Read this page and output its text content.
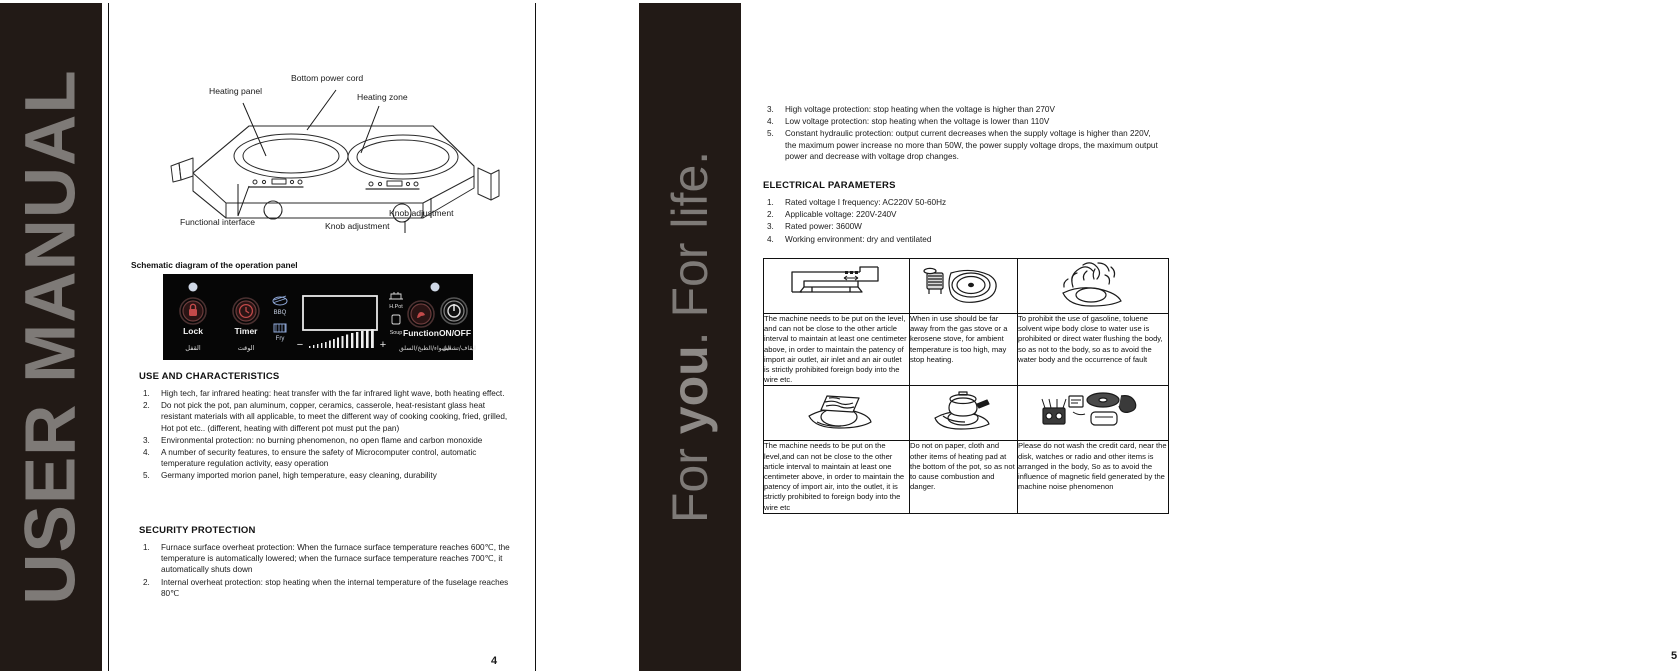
USER MANUAL	Heating panel
Bottom power cord
Heating zone
Functional interface	Knob adjustment
Knob adjustment
Schematic diagram of the operation panel
BBQ
Fry
H.Pot
Soup
−	+
Lock	Timer	Function ON/OFF
القفل	الوقت	الشواء/الطبخ/السلق
ايقاف/تشغيل
USE AND CHARACTERISTICS
1.	High tech, far infrared heating: heat transfer with the far infrared light wave, both heating effect.
2.	Do not pick the pot, pan aluminum, copper, ceramics, casserole, heat-resistant glass heat resistant materials with all applicable, to meet the different way of cooking cooking, fried, grilled, Hot pot etc.. (different, heating with different pot must put the pan)
3.	Environmental protection: no burning phenomenon, no open flame and carbon monoxide
4.	A number of security features, to ensure the safety of Microcomputer control, automatic temperature regulation activity, easy operation
5.	Germany imported morion panel, high temperature, easy cleaning, durability
SECURITY PROTECTION
1.	Furnace surface overheat protection: When the furnace surface temperature reaches 600℃, the temperature is automatically lowered; when the furnace surface temperature reaches 700℃, it automatically shuts down
2.	Internal overheat protection: stop heating when the internal temperature of the fuselage reaches 80℃
4
For you. For life.
3.	High voltage protection: stop heating when the voltage is higher than 270V
4.	Low voltage protection: stop heating when the voltage is lower than 110V
5.	Constant hydraulic protection: output current decreases when the supply voltage is higher than 220V, the maximum power increase no more than 50W, the power supply voltage drops, the maximum output power and decrease with voltage drop changes.
ELECTRICAL PARAMETERS
1.	Rated voltage I frequency: AC220V 50-60Hz
2.	Applicable voltage: 220V-240V
3.	Rated power: 3600W
4.	Working environment: dry and ventilated

The machine needs to be put on the level, and can not be close to the other article interval to maintain at least one centimeter above, in order to maintain the patency of import air outlet, air inlet and an air outlet is strictly prohibited foreign body into the wire etc.	When in use should be far away from the gas stove or a kerosene stove, for ambient temperature is too high, may stop heating.	To prohibit the use of gasoline, toluene solvent wipe body close to water use is prohibited or direct water flushing the body, so as not to the body, so as to avoid the water body and the occurrence of fault

The machine needs to be put on the level,and can not be close to the other article interval to maintain at least one centimeter above, in order to maintain the patency of import air, into the outlet, it is strictly prohibited to foreign body into the wire etc	Do not on paper, cloth and other items of heating pad at the bottom of the pot, so as not to cause combustion and danger.	Please do not wash the credit card, near the disk, watches or radio and other items is arranged in the body, So as to avoid the influence of magnetic field generated by the machine noise phenomenon
5
